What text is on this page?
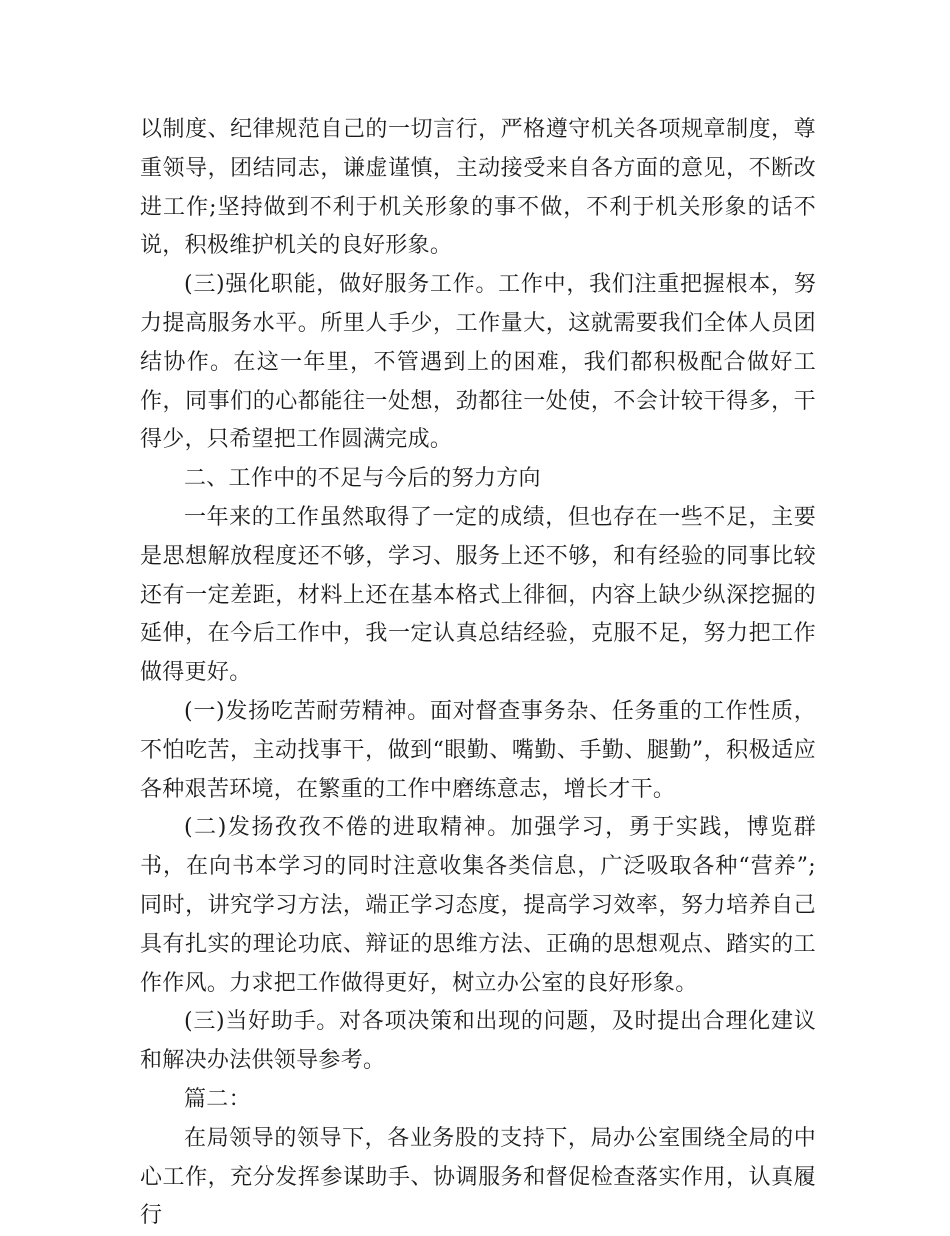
以制度、纪律规范自己的一切言行，严格遵守机关各项规章制度，尊重领导，团结同志，谦虚谨慎，主动接受来自各方面的意见，不断改进工作;坚持做到不利于机关形象的事不做，不利于机关形象的话不说，积极维护机关的良好形象。

(三)强化职能，做好服务工作。工作中，我们注重把握根本，努力提高服务水平。所里人手少，工作量大，这就需要我们全体人员团结协作。在这一年里，不管遇到上的困难，我们都积极配合做好工作，同事们的心都能往一处想，劲都往一处使，不会计较干得多，干得少，只希望把工作圆满完成。

二、工作中的不足与今后的努力方向

一年来的工作虽然取得了一定的成绩，但也存在一些不足，主要是思想解放程度还不够，学习、服务上还不够，和有经验的同事比较还有一定差距，材料上还在基本格式上徘徊，内容上缺少纵深挖掘的延伸，在今后工作中，我一定认真总结经验，克服不足，努力把工作做得更好。

(一)发扬吃苦耐劳精神。面对督查事务杂、任务重的工作性质，不怕吃苦，主动找事干，做到“眼勤、嘴勤、手勤、腿勤”，积极适应各种艰苦环境，在繁重的工作中磨练意志，增长才干。

(二)发扬孜孜不倦的进取精神。加强学习，勇于实践，博览群书，在向书本学习的同时注意收集各类信息，广泛吸取各种“营养”;同时，讲究学习方法，端正学习态度，提高学习效率，努力培养自己具有扎实的理论功底、辩证的思维方法、正确的思想观点、踏实的工作作风。力求把工作做得更好，树立办公室的良好形象。

(三)当好助手。对各项决策和出现的问题，及时提出合理化建议和解决办法供领导参考。

篇二：

在局领导的领导下，各业务股的支持下，局办公室围绕全局的中心工作，充分发挥参谋助手、协调服务和督促检查落实作用，认真履行
